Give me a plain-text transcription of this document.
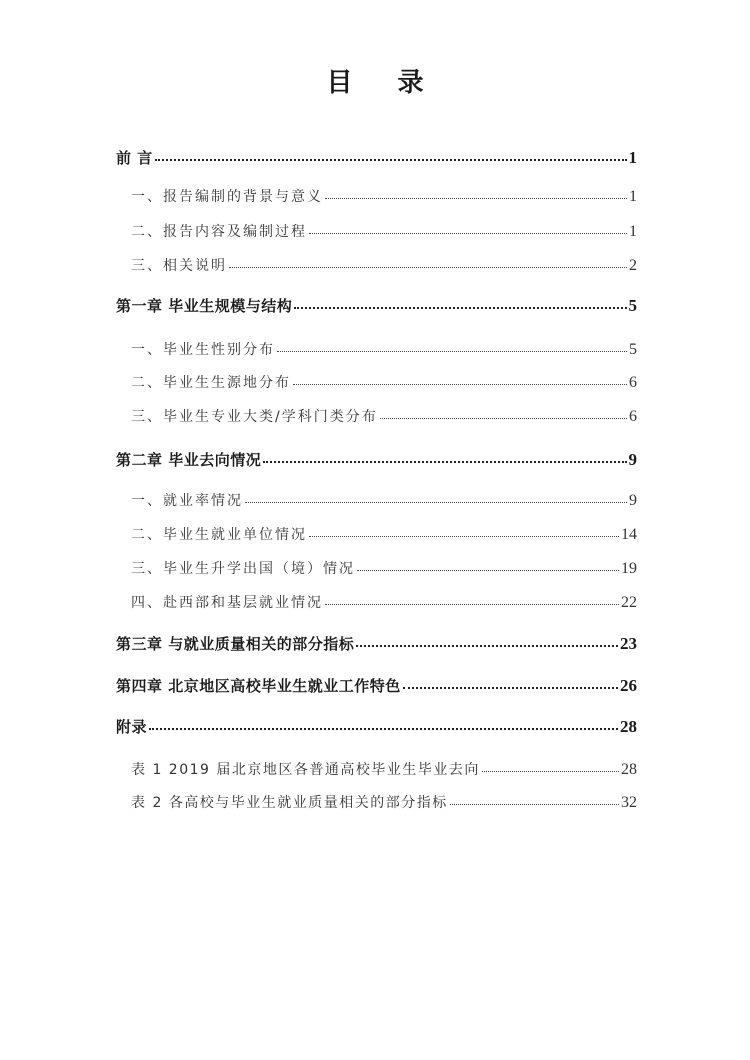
目 录
前 言	1
一、报告编制的背景与意义	1
二、报告内容及编制过程	1
三、相关说明	2
第一章 毕业生规模与结构	5
一、毕业生性别分布	5
二、毕业生生源地分布	6
三、毕业生专业大类/学科门类分布	6
第二章 毕业去向情况	9
一、就业率情况	9
二、毕业生就业单位情况	14
三、毕业生升学出国（境）情况	19
四、赴西部和基层就业情况	22
第三章 与就业质量相关的部分指标	23
第四章 北京地区高校毕业生就业工作特色	26
附录	28
表 1 2019 届北京地区各普通高校毕业生毕业去向	28
表 2 各高校与毕业生就业质量相关的部分指标	32
